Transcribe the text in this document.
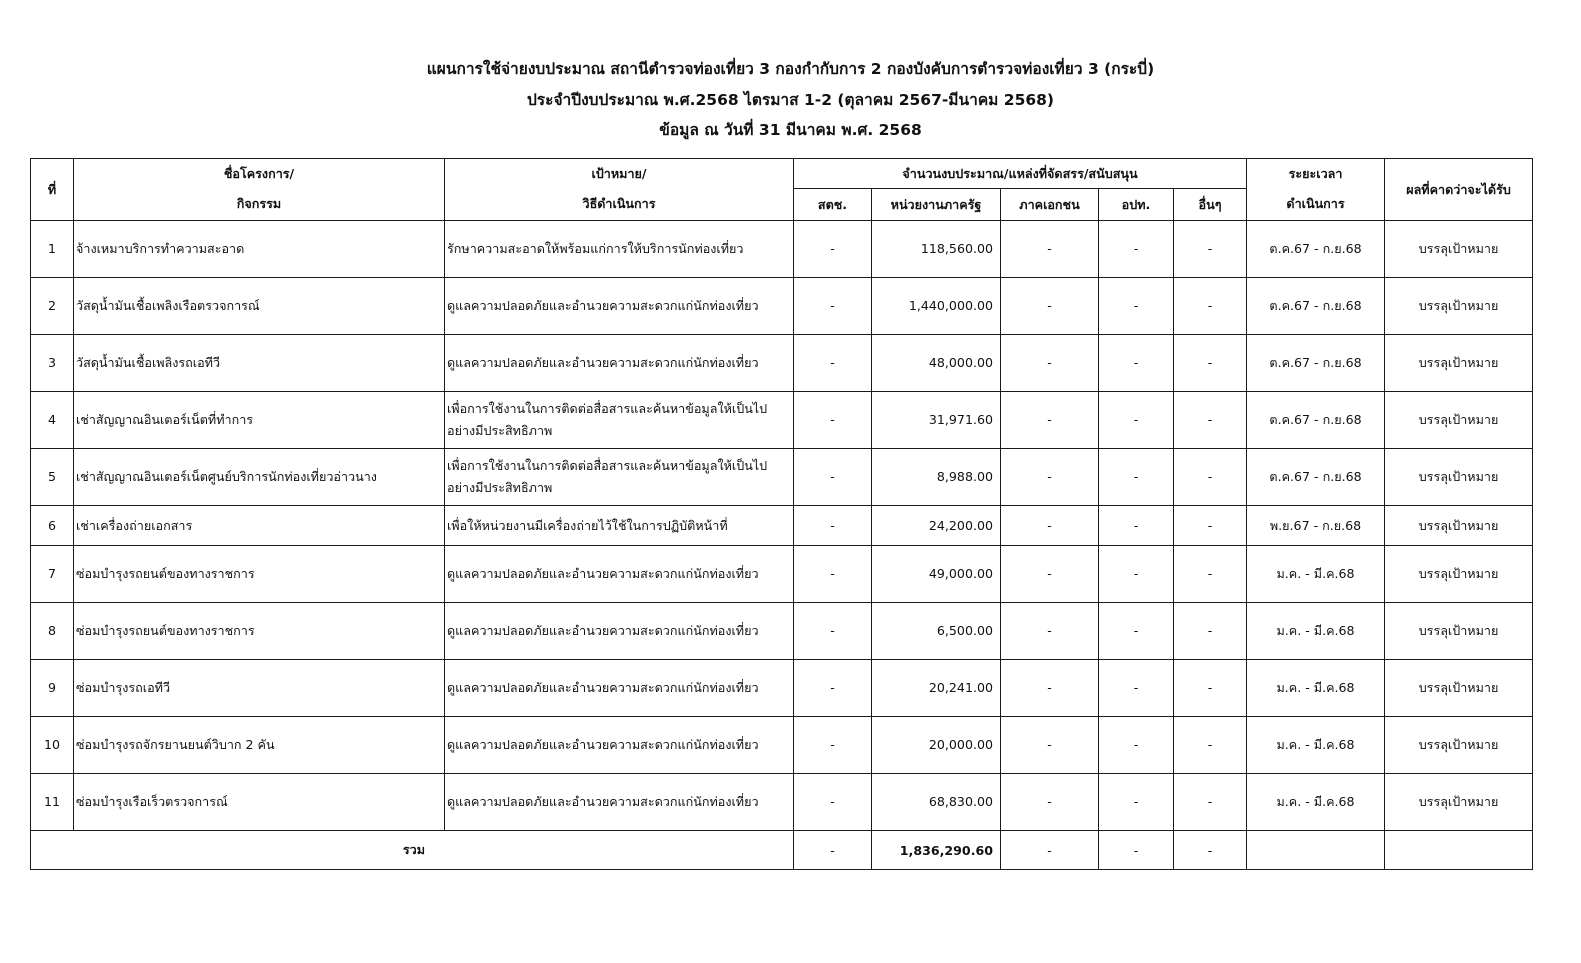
แผนการใช้จ่ายงบประมาณ สถานีตำรวจท่องเที่ยว 3 กองกำกับการ 2 กองบังคับการตำรวจท่องเที่ยว 3 (กระบี่)
ประจำปีงบประมาณ พ.ศ.2568 ไตรมาส 1-2 (ตุลาคม 2567-มีนาคม 2568)
ข้อมูล ณ วันที่ 31 มีนาคม พ.ศ. 2568
ที่	ชื่อโครงการ/	เป้าหมาย/	จำนวนงบประมาณ/แหล่งที่จัดสรร/สนับสนุน					ระยะเวลา	ผลที่คาดว่าจะได้รับ
	กิจกรรม	วิธีดำเนินการ	สตช.	หน่วยงานภาครัฐ	ภาคเอกชน	อปท.	อื่นๆ	ดำเนินการ	
1	จ้างเหมาบริการทำความสะอาด	รักษาความสะอาดให้พร้อมแก่การให้บริการนักท่องเที่ยว	-	118,560.00	-	-	-	ต.ค.67 - ก.ย.68	บรรลุเป้าหมาย
2	วัสดุน้ำมันเชื้อเพลิงเรือตรวจการณ์	ดูแลความปลอดภัยและอำนวยความสะดวกแก่นักท่องเที่ยว	-	1,440,000.00	-	-	-	ต.ค.67 - ก.ย.68	บรรลุเป้าหมาย
3	วัสดุน้ำมันเชื้อเพลิงรถเอทีวี	ดูแลความปลอดภัยและอำนวยความสะดวกแก่นักท่องเที่ยว	-	48,000.00	-	-	-	ต.ค.67 - ก.ย.68	บรรลุเป้าหมาย
4	เช่าสัญญาณอินเตอร์เน็ตที่ทำการ	เพื่อการใช้งานในการติดต่อสื่อสารและค้นหาข้อมูลให้เป็นไปอย่างมีประสิทธิภาพ	-	31,971.60	-	-	-	ต.ค.67 - ก.ย.68	บรรลุเป้าหมาย
5	เช่าสัญญาณอินเตอร์เน็ตศูนย์บริการนักท่องเที่ยวอ่าวนาง	เพื่อการใช้งานในการติดต่อสื่อสารและค้นหาข้อมูลให้เป็นไปอย่างมีประสิทธิภาพ	-	8,988.00	-	-	-	ต.ค.67 - ก.ย.68	บรรลุเป้าหมาย
6	เช่าเครื่องถ่ายเอกสาร	เพื่อให้หน่วยงานมีเครื่องถ่ายไว้ใช้ในการปฏิบัติหน้าที่	-	24,200.00	-	-	-	พ.ย.67 - ก.ย.68	บรรลุเป้าหมาย
7	ซ่อมบำรุงรถยนต์ของทางราชการ	ดูแลความปลอดภัยและอำนวยความสะดวกแก่นักท่องเที่ยว	-	49,000.00	-	-	-	ม.ค. - มี.ค.68	บรรลุเป้าหมาย
8	ซ่อมบำรุงรถยนต์ของทางราชการ	ดูแลความปลอดภัยและอำนวยความสะดวกแก่นักท่องเที่ยว	-	6,500.00	-	-	-	ม.ค. - มี.ค.68	บรรลุเป้าหมาย
9	ซ่อมบำรุงรถเอทีวี	ดูแลความปลอดภัยและอำนวยความสะดวกแก่นักท่องเที่ยว	-	20,241.00	-	-	-	ม.ค. - มี.ค.68	บรรลุเป้าหมาย
10	ซ่อมบำรุงรถจักรยานยนต์วิบาก 2 คัน	ดูแลความปลอดภัยและอำนวยความสะดวกแก่นักท่องเที่ยว	-	20,000.00	-	-	-	ม.ค. - มี.ค.68	บรรลุเป้าหมาย
11	ซ่อมบำรุงเรือเร็วตรวจการณ์	ดูแลความปลอดภัยและอำนวยความสะดวกแก่นักท่องเที่ยว	-	68,830.00	-	-	-	ม.ค. - มี.ค.68	บรรลุเป้าหมาย
รวม			-	1,836,290.60	-	-	-		
